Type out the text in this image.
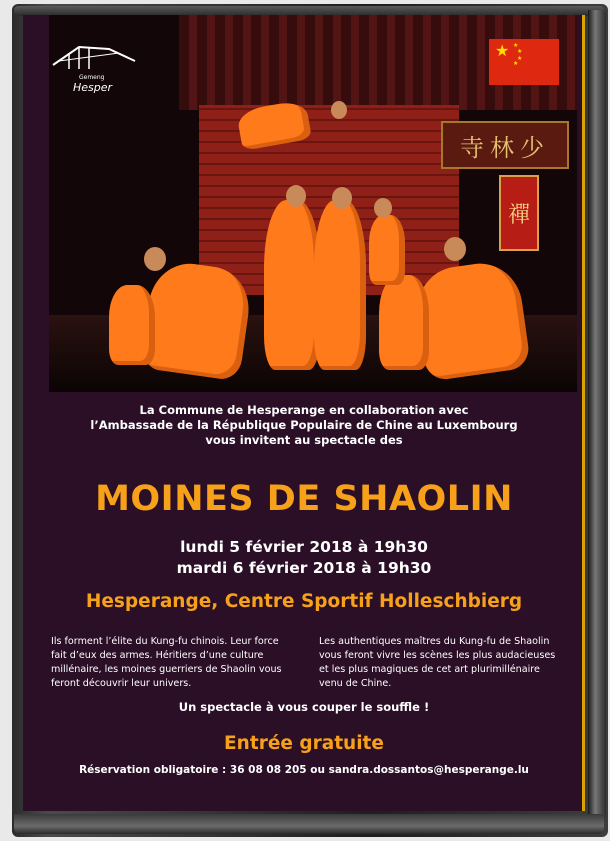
寺林少
禪
Gemeng
Hesper
★ ★
★
★
★
La Commune de Hesperange en collaboration avec
l’Ambassade de la République Populaire de Chine au Luxembourg
vous invitent au spectacle des
MOINES DE SHAOLIN
lundi 5 février 2018 à 19h30
mardi 6 février 2018 à 19h30
Hesperange, Centre Sportif Holleschbierg
Ils forment l’élite du Kung-fu chinois. Leur force fait d’eux des armes. Héritiers d’une culture millénaire, les moines guerriers de Shaolin vous feront découvrir leur univers.
Les authentiques maîtres du Kung-fu de Shaolin vous feront vivre les scènes les plus audacieuses et les plus magiques de cet art plurimillénaire venu de Chine.
Un spectacle à vous couper le souffle !
Entrée gratuite
Réservation obligatoire : 36 08 08 205 ou sandra.dossantos@hesperange.lu
